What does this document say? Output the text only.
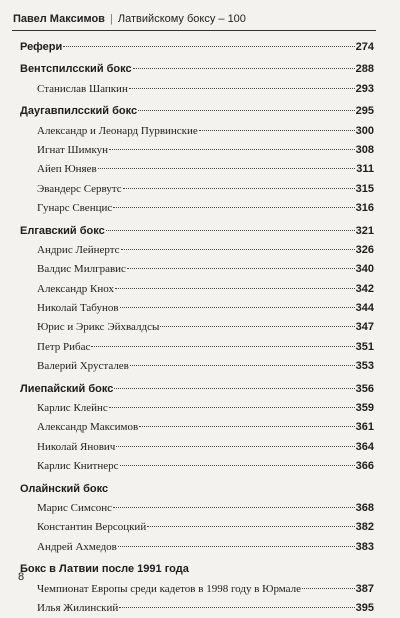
Павел Максимов | Латвийскому боксу – 100
Рефери	274
Вентспилсский бокс	288
Станислав Шапкин	293
Даугавпилсский бокс	295
Александр и Леонард Пурвинские	300
Игнат Шимкун	308
Айеп Юняев	311
Эвандерс Сервутс	315
Гунарс Свенцис	316
Елгавский бокс	321
Андрис Лейнертс	326
Валдис Милгравис	340
Александр Кнох	342
Николай Табунов	344
Юрис и Эрикс Эйхвалдсы	347
Петр Рибас	351
Валерий Хрусталев	353
Лиепайский бокс	356
Карлис Клейнс	359
Александр Максимов	361
Николай Янович	364
Карлис Книтнерс	366
Олайнский бокс
Марис Симсонс	368
Константин Версоцкий	382
Андрей Ахмедов	383
Бокс в Латвии после 1991 года
Чемпионат Европы среди кадетов в 1998 году в Юрмале	387
Илья Жилинский	395
8
